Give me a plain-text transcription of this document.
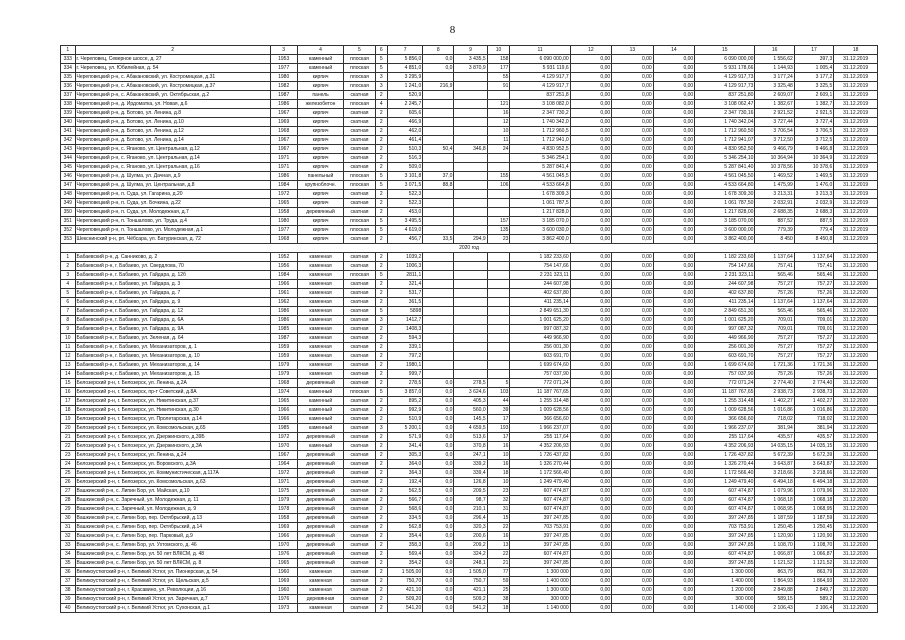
8
1	2	3	4	5	6	7	8	9	10	11	12	13	14	15	16	17	18
333	г. Череповец, Северное шоссе, д. 27	1953	каменный	плоская	5	5 856,0	0,0	3 435,5	158	6 090 000,00	0,00	0,00	0,00	6 090 000,00	1 556,62	397,3	31.12.2019
334	г. Череповец, ул. Юбилейная, д. 54	1977	каменный	плоская	5	4 851,0	0,0	3 870,9	177	5 931 119,6	0,00	0,00	0,00	5 931 178,66	1 144,93	1 005,4	31.12.2019
335	Череповецкий р-н, с. Абакановский, ул. Костромицкая, д.31	1980	кирпич	плоская	3	3 295,9			55	4 129 917,7	0,00	0,00	0,00	4 129 917,73	3 177,24	3 177,2	31.12.2019
336	Череповецкий р-н, с. Абакановский, ул. Костромицкая, д.37	1982	кирпич	плоская	3	1 241,0	216,9		91	4 129 917,7	0,00	0,00	0,00	4 129 917,73	3 325,48	3 325,5	31.12.2019
337	Череповецкий р-н, с. Абакановский, ул. Октябрьская, д.2	1987	панель	скатная	2	520,9				837 251,8	0,00	0,00	0,00	837 251,80	2 609,07	2 609,1	31.12.2019
338	Череповецкий р-н, д. Ирдоматка, ул. Новая, д.6	1986	железобетон	плоская	4	2 245,7			121	3 108 082,0	0,00	0,00	0,00	3 108 062,47	1 382,67	1 382,7	31.12.2019
339	Череповецкий р-н, д. Ботово, ул. Ленина, д.8	1967	кирпич	скатная	2	605,6			16	2 347 730,2	0,00	0,00	0,00	2 347 730,16	2 921,52	2 921,5	31.12.2019
340	Череповецкий р-н, д. Ботово, ул. Ленина, д.10	1969	кирпич	скатная	2	466,9			12	1 740 342,0	0,00	0,00	0,00	1 740 342,04	3 727,44	3 727,4	31.12.2019
341	Череповецкий р-н, д. Ботово, ул. Ленина, д.12	1968	кирпич	скатная	2	462,0			10	1 712 960,5	0,00	0,00	0,00	1 712 960,50	3 706,54	3 706,5	31.12.2019
342	Череповецкий р-н, д. Ботово, ул. Ленина, д.14	1967	кирпич	скатная	2	461,4			11	1 712 941,0	0,00	0,00	0,00	1 712 941,07	3 712,50	3 712,5	31.12.2019
343	Череповецкий р-н, с. Яганово, ул. Центральная, д.12	1967	кирпич	скатная	2	510,3	50,4	346,8	24	4 830 952,5	0,00	0,00	0,00	4 830 952,50	9 466,79	9 466,8	31.12.2019
344	Череповецкий р-н, с. Яганово, ул. Центральная, д.14	1971	кирпич	скатная	2	516,3				5 346 254,1	0,00	0,00	0,00	5 346 254,10	10 364,94	10 364,9	31.12.2019
345	Череповецкий р-н, с. Яганово, ул. Центральная, д.16	1971	кирпич	скатная	2	509,0				5 287 841,4	0,00	0,00	0,00	5 287 841,40	10 378,56	10 378,6	31.12.2019
346	Череповецкий р-н, д. Шулма, ул. Дачная, д.9	1986	панельный	плоская	5	3 101,8	37,0		155	4 561 045,5	0,00	0,00	0,00	4 561 045,50	1 469,52	1 469,5	31.12.2019
347	Череповецкий р-н, д. Шулма, ул. Центральная, д.8	1984	крупноблочн.	плоская	5	3 071,5	88,8		106	4 533 664,8	0,00	0,00	0,00	4 533 664,80	1 475,99	1 476,0	31.12.2019
348	Череповецкий р-н, п. Суда, ул. Гагарина, д.20	1972	кирпич	скатная	2	522,3				1 678 309,3	0,00	0,00	0,00	1 678 309,30	3 213,31	3 213,3	31.12.2019
349	Череповецкий р-н, п. Суда, ул. Бочкина, д.22	1965	кирпич	скатная	2	522,3				1 061 787,5	0,00	0,00	0,00	1 061 787,50	2 032,91	2 032,9	31.12.2019
350	Череповецкий р-н, п. Суда, ул. Молодежная, д.7	1958	деревянный	скатная	2	453,0				1 217 828,0	0,00	0,00	0,00	1 217 828,00	2 688,35	2 688,3	31.12.2019
351	Череповецкий р-н, п. Тоншалово, ул. Труда, д.4	1980	кирпич	плоская	5	3 495,5			157	3 185 070,0	0,00	0,00	0,00	3 185 070,00	887,52	887,5	31.12.2019
352	Череповецкий р-н, п. Тоншалово, ул. Молодежная, д.1	1977	кирпич	плоская	5	4 619,0			135	3 600 030,0	0,00	0,00	0,00	3 600 000,00	779,39	779,4	31.12.2019
353	Шекснинский р-н, рп. Чёбсара, ул. Батуринская, д. 72	1968	кирпич	скатная	2	456,7	33,5	294,9	23	3 862 400,0	0,00	0,00	0,00	3 862 400,00	8 450	8 450,8	31.12.2019
2020 год																	
1	Бабаевский р-н, д. Санниково, д. 2	1952	каменная	скатная	2	1039,2				1 182 233,60	0,00	0,00	0,00	1 182 233,60	1 137,64	1 137,64	31.12.2020
2	Бабаевский р-н, г. Бабаево, ул. Свердлова, 70	1956	каменная	скатная	2	1006,3				754 147,66	0,00	0,00	0,00	754 147,66	757,41	757,41	31.12.2020
3	Бабаевский р-н, г. Бабаево, ул. Гайдара, д. 12б	1984	каменная	плоская	5	2811,1				2 231 323,11	0,00	0,00	0,00	2 231 323,11	565,46	565,46	31.12.2020
4	Бабаевский р-н, г. Бабаево, ул. Гайдара, д. 3	1966	каменная	скатная	2	321,4				244 607,98	0,00	0,00	0,00	244 607,98	757,27	757,27	31.12.2020
5	Бабаевский р-н, г. Бабаево, ул. Гайдара, д. 7	1961	каменная	скатная	2	531,7				402 637,80	0,00	0,00	0,00	402 637,80	757,26	757,26	31.12.2020
6	Бабаевский р-н, г. Бабаево, ул. Гайдара, д. 9	1962	каменная	скатная	2	361,5				411 235,14	0,00	0,00	0,00	411 235,14	1 137,64	1 137,64	31.12.2020
7	Бабаевский р-н, г. Бабаево, ул. Гайдара, д. 12	1986	каменная	скатная	5	5898				2 849 651,30	0,00	0,00	0,00	2 849 651,30	565,46	565,46	31.12.2020
8	Бабаевский р-н, г. Бабаево, ул. Гайдара, д. 6А	1986	каменная	скатная	3	1412,7				1 001 625,20	0,00	0,00	0,00	1 001 625,20	709,01	709,01	31.12.2020
9	Бабаевский р-н, г. Бабаево, ул. Гайдара, д. 9А	1985	каменная	скатная	2	1408,3				997 087,32	0,00	0,00	0,00	997 087,32	709,01	709,01	31.12.2020
10	Бабаевский р-н, г. Бабаево, ул. Зеленая, д. 64	1987	каменная	скатная	2	594,3				449 966,90	0,00	0,00	0,00	449 966,90	757,27	757,27	31.12.2020
11	Бабаевский р-н, г. Бабаево, ул. Механизаторов, д. 1	1959	каменная	скатная	2	339,1				256 001,30	0,00	0,00	0,00	256 001,30	757,27	757,27	31.12.2020
12	Бабаевский р-н, г. Бабаево, ул. Механизаторов, д. 10	1959	каменная	скатная	2	797,2				603 691,70	0,00	0,00	0,00	603 691,70	757,27	757,27	31.12.2020
13	Бабаевский р-н, г. Бабаево, ул. Механизаторов, д. 14	1979	каменная	скатная	2	1980,1				1 699 674,60	0,00	0,00	0,00	1 699 674,60	1 721,36	1 721,36	31.12.2020
14	Бабаевский р-н, г. Бабаево, ул. Механизаторов, д. 15	1979	каменная	скатная	2	999,7				757 037,90	0,00	0,00	0,00	757 037,90	757,26	757,26	31.12.2020
15	Белозерский р-н, г. Белозерск, ул. Ленина, д.2А	1968	деревянный	скатная	2	278,5	0,0	278,5	5	772 071,24	0,00	0,00	0,00	772 071,24	2 774,40	2 774,40	31.12.2020
16	Белозерский р-н, г. Белозерск, пр-т Советский, д.8А	1974	каменный	плоская	5	3 857,0	0,0	3 624,6	103	11 187 767,65	0,00	0,00	0,00	11 187 767,65	2 938,73	2 938,73	31.12.2020
17	Белозерский р-н, г. Белозерск, ул. Никитинская, д.37	1965	каменный	скатная	2	895,2	0,0	405,3	44	1 255 314,48	0,00	0,00	0,00	1 255 314,48	1 402,27	1 402,27	31.12.2020
18	Белозерский р-н, г. Белозерск, ул. Никитинская, д.30	1966	каменный	скатная	2	992,9	0,0	560,0	39	1 009 628,56	0,00	0,00	0,00	1 009 628,56	1 016,86	1 016,86	31.12.2020
19	Белозерский р-н, г. Белозерск, ул. Пролетарская, д.14	1966	каменный	скатная	2	510,9	0,0	145,5	17	366 656,60	0,00	0,00	0,00	366 656,60	718,02	718,02	31.12.2020
20	Белозерский р-н, г. Белозерск, ул. Комсомольская, д.65	1985	каменный	скатная	3	5 200,1	0,0	4 659,5	193	1 966 237,07	0,00	0,00	0,00	1 966 237,07	381,94	381,94	31.12.2020
21	Белозерский р-н, г. Белозерск, ул. Дзержинского, д.39Б	1972	деревянный	скатная	2	571,9	0,0	513,6	17	255 117,64	0,00	0,00	0,00	255 117,64	435,57	435,57	31.12.2020
22	Белозерский р-н, г. Белозерск, ул. Дзержинского, д.3А	1970	каменный	скатная	2	341,4	0,0	370,8	16	4 352 206,93	0,00	0,00	0,00	4 352 206,93	14 035,15	14 035,15	31.12.2020
23	Белозерский р-н, г. Белозерск, ул. Ленина, д.24	1967	деревянный	скатная	2	305,3	0,0	247,1	10	1 726 437,82	0,00	0,00	0,00	1 726 437,82	5 672,39	5 672,39	31.12.2020
24	Белозерский р-н, г. Белозерск, ул. Воровского, д.3А	1964	деревянный	скатная	2	364,0	0,0	339,2	16	1 326 270,44	0,00	0,00	0,00	1 326 270,44	3 643,87	3 643,87	31.12.2020
25	Белозерский р-н, г. Белозерск, ул. Коммунистическая, д.117А	1972	деревянный	скатная	2	364,3	0,0	339,4	18	1 172 566,40	0,00	0,00	0,00	1 172 566,40	3 218,66	3 218,66	31.12.2020
26	Белозерский р-н, г. Белозерск, ул. Комсомольская, д.63	1971	деревянный	скатная	2	192,4	0,0	126,8	10	1 249 479,40	0,00	0,00	0,00	1 249 479,40	6 494,18	6 494,18	31.12.2020
27	Вашкинский р-н, с. Липин Бор, ул. Майская, д.10	1975	деревянный	скатная	2	562,5	0,0	209,5	23	607 474,87	0,00	0,00	0,00	607 474,87	1 079,96	1 079,96	31.12.2020
28	Вашкинский р-н, с. Заречный, ул. Молодежная, д. 11	1979	деревянный	скатная	2	566,7	0,0	98,7	32	607 474,87	0,00	0,00	0,00	607 474,87	1 068,18	1 068,18	31.12.2020
29	Вашкинский р-н, с. Заречный, ул. Молодежная, д. 9	1978	деревянный	скатная	2	568,6	0,0	210,1	31	607 474,87	0,00	0,00	0,00	607 474,87	1 068,95	1 068,95	31.12.2020
30	Вашкинский р-н, с. Липин Бор, пер. Октябрьский, д.13	1958	деревянный	скатная	2	334,5	0,0	296,4	15	397 247,85	0,00	0,00	0,00	397 247,85	1 187,59	1 187,59	31.12.2020
31	Вашкинский р-н, с. Липин Бор, пер. Октябрьский, д.14	1969	деревянный	скатная	2	562,8	0,0	320,3	22	703 753,91	0,00	0,00	0,00	703 753,91	1 250,45	1 250,45	31.12.2020
32	Вашкинский р-н, с. Липин Бор, пер. Парковый, д.9	1966	деревянный	скатная	2	354,4	0,0	200,6	16	397 247,85	0,00	0,00	0,00	397 247,85	1 120,90	1 120,90	31.12.2020
33	Вашкинский р-н, с. Липин Бор, ул. Ухтомского, д. 46	1970	деревянный	скатная	2	358,3	0,0	209,2	13	397 247,85	0,00	0,00	0,00	397 247,85	1 108,70	1 108,70	31.12.2020
34	Вашкинский р-н, с. Липин Бор, ул. 50 лет ВЛКСМ, д. 48	1976	деревянный	скатная	2	569,4	0,0	324,2	22	607 474,87	0,00	0,00	0,00	607 474,87	1 066,87	1 066,87	31.12.2020
35	Вашкинский р-н, с. Липин Бор, ул. 50 лет ВЛКСМ, д. 8	1965	деревянный	скатная	2	354,2	0,0	248,1	21	397 247,85	0,00	0,00	0,00	397 247,85	1 121,52	1 121,52	31.12.2020
36	Великоустюгский р-н, г. Великий Устюг, ул. Пионерская, д. 54	1960	каменная	скатная	2	1 505,00	0,0	1 505,0	77	1 300 000	0,00	0,00	0,00	1 300 000	863,79	863,79	31.12.2020
37	Великоустюгский р-н, г. Великий Устюг, ул. Щельская, д.5	1969	каменная	скатная	2	750,70	0,0	750,7	59	1 400 000	0,00	0,00	0,00	1 400 000	1 864,93	1 864,93	31.12.2020
38	Великоустюгский р-н, г. Красавино, ул. Революции, д.16	1960	каменная	скатная	2	421,10	0,0	421,1	25	1 300 000	0,00	0,00	0,00	1 200 000	2 849,88	2 849,7	31.12.2020
39	Великоустюгский р-н, г. Великий Устюг, ул. Заречная, д.7	1976	деревянная	скатная	2	509,20	0,0	509,2	38	300 000	0,00	0,00	0,00	300 000	589,15	589,2	31.12.2020
40	Великоустюгский р-н, г. Великий Устюг, ул. Сухонская, д.1	1973	каменная	скатная	2	541,20	0,0	541,2	18	1 140 000	0,00	0,00	0,00	1 140 000	2 106,43	2 106,4	31.12.2020
